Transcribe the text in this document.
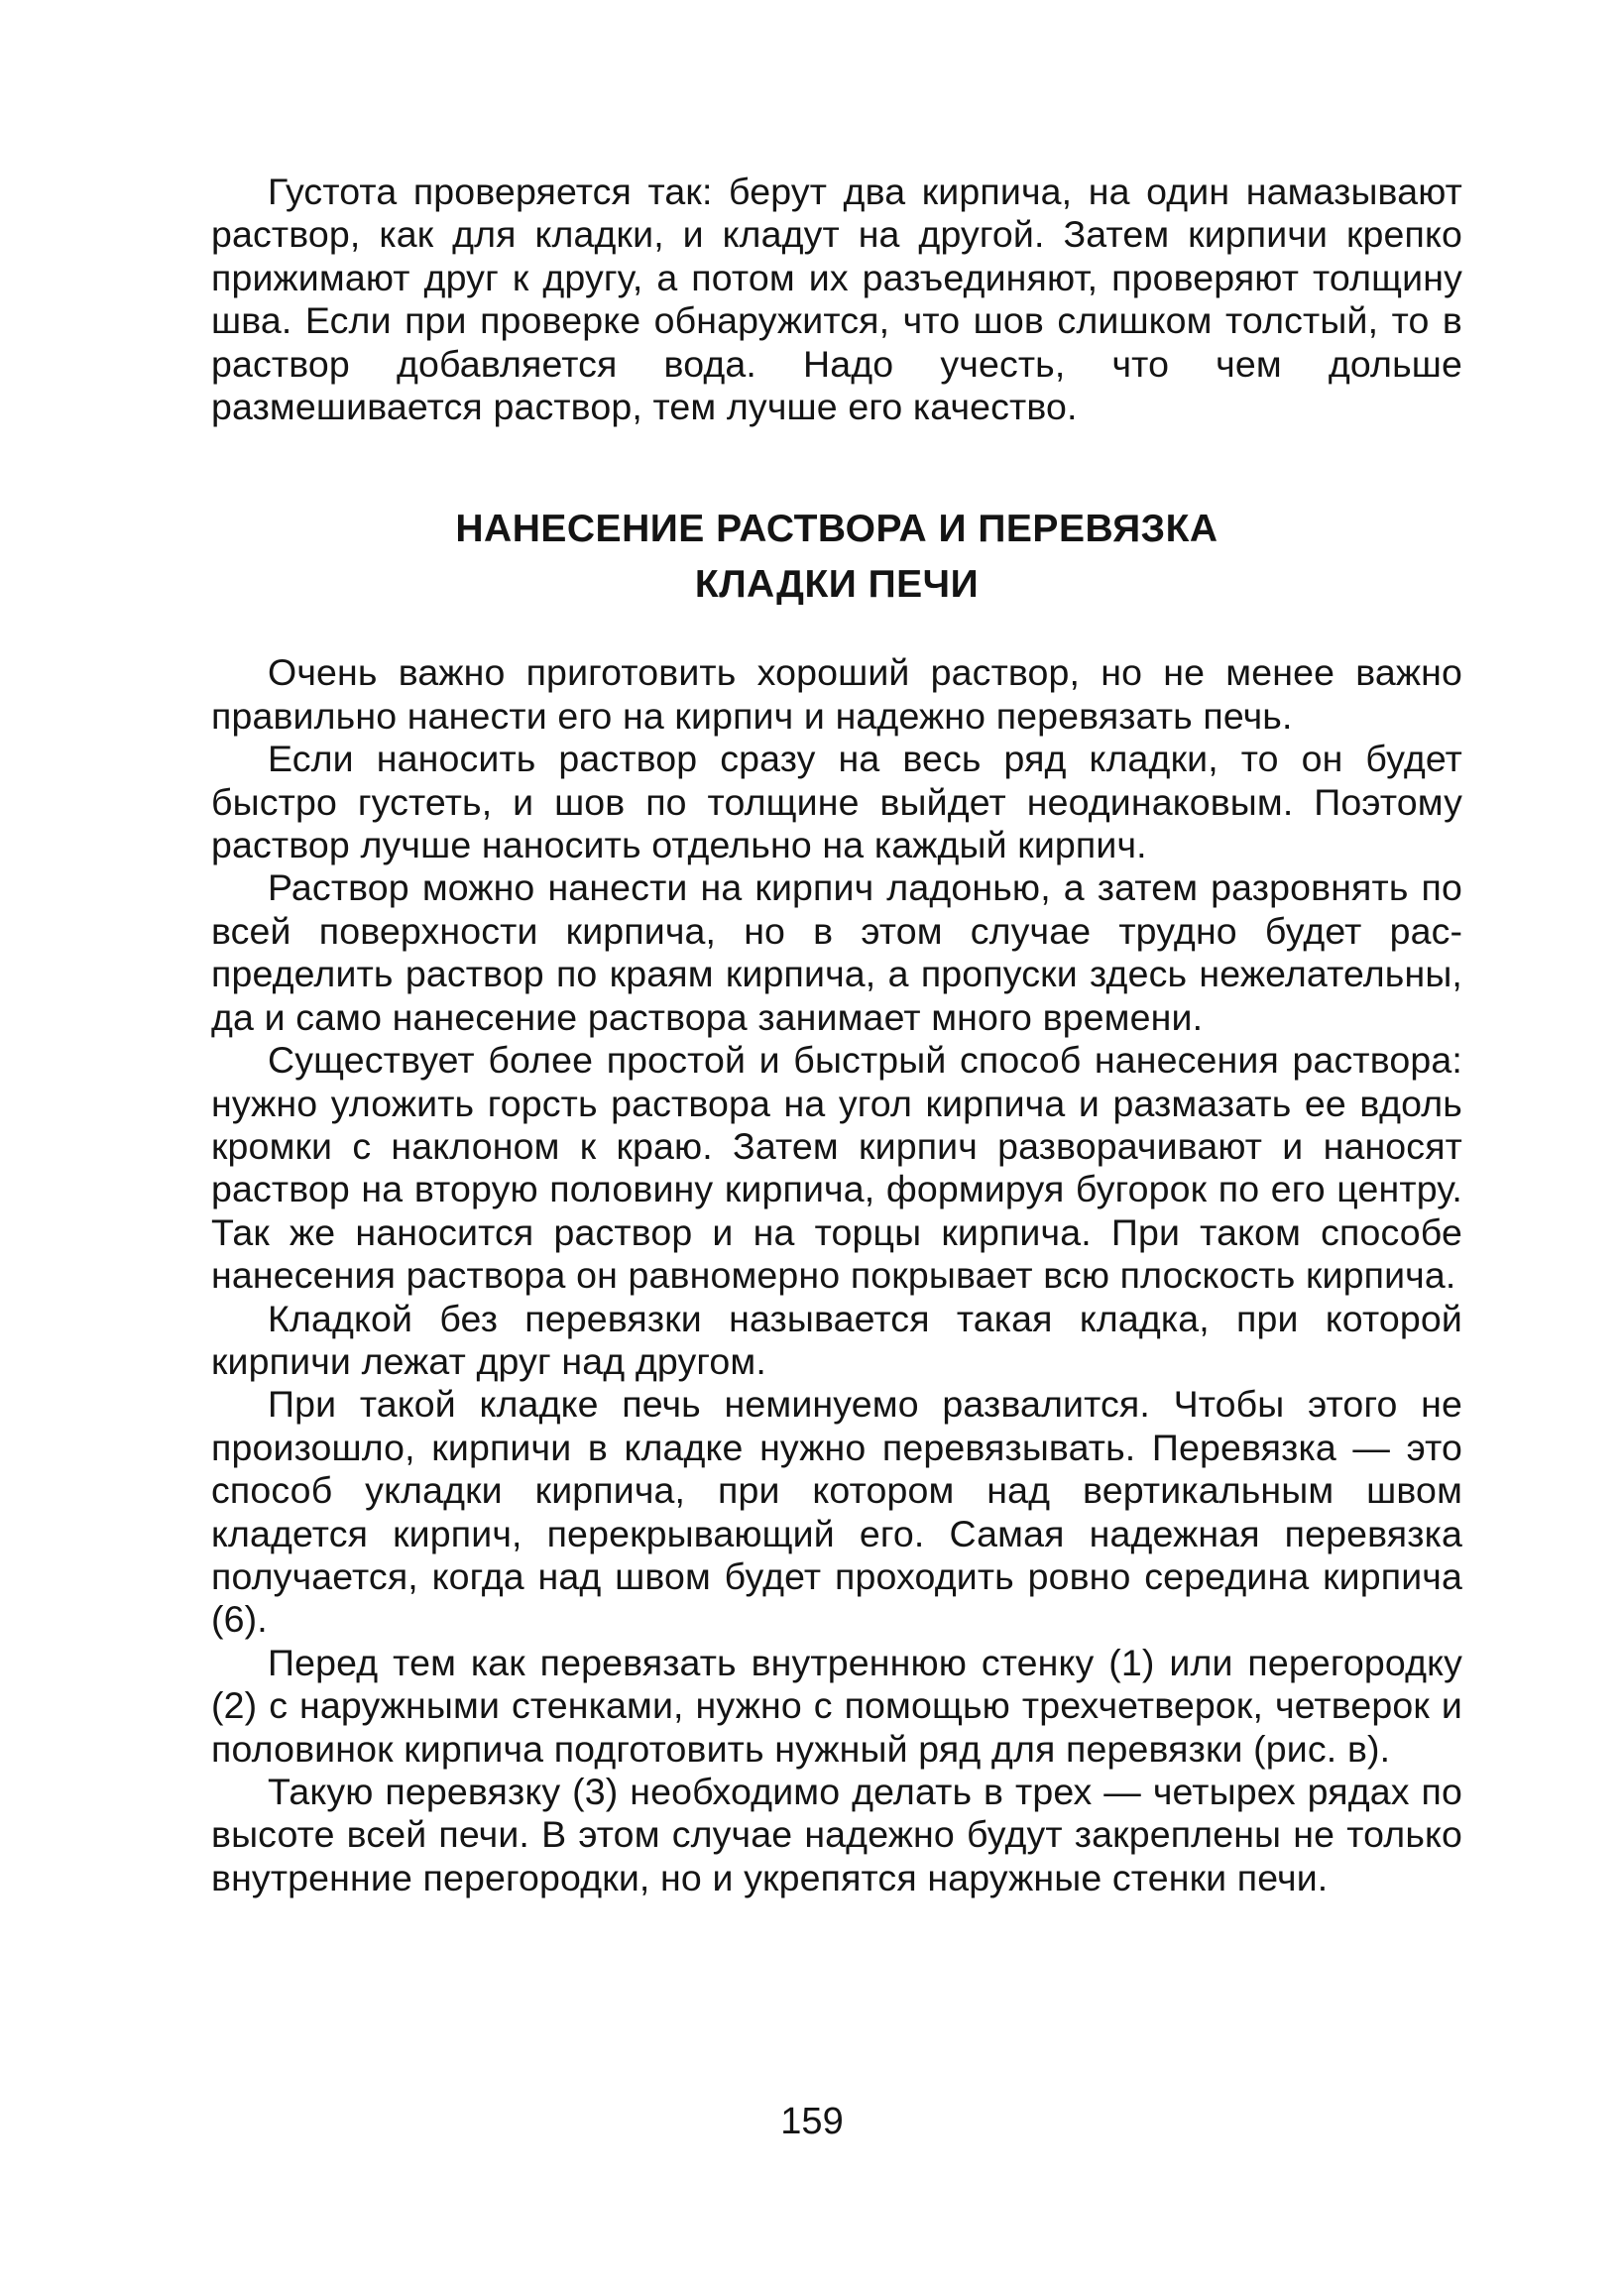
Густота проверяется так: берут два кирпича, на один намазывают раствор, как для кладки, и кладут на другой. Затем кирпичи крепко прижимают друг к другу, а потом их разъединяют, проверяют толщину шва. Если при проверке обнаружится, что шов слишком толстый, то в раствор добавляется вода. Надо учесть, что чем дольше размешивается раствор, тем лучше его качество.

НАНЕСЕНИЕ РАСТВОРА И ПЕРЕВЯЗКА

КЛАДКИ ПЕЧИ

Очень важно приготовить хороший раствор, но не менее важно правильно нанести его на кирпич и надежно перевязать печь.

Если наносить раствор сразу на весь ряд кладки, то он будет быстро густеть, и шов по толщине выйдет неодинаковым. Поэтому раствор лучше наносить отдельно на каждый кирпич.

Раствор можно нанести на кирпич ладонью, а затем разровнять по всей поверхности кирпича, но в этом случае трудно будет распределить раствор по краям кирпича, а пропуски здесь нежелательны, да и само нанесение раствора занимает много времени.

Существует более простой и быстрый способ нанесения раствора: нужно уложить горсть раствора на угол кирпича и размазать ее вдоль кромки с наклоном к краю. Затем кирпич разворачивают и наносят раствор на вторую половину кирпича, формируя бугорок по его центру. Так же наносится раствор и на торцы кирпича. При таком способе нанесения раствора он равномерно покрывает всю плоскость кирпича.

Кладкой без перевязки называется такая кладка, при которой кирпичи лежат друг над другом.

При такой кладке печь неминуемо развалится. Чтобы этого не произошло, кирпичи в кладке нужно перевязывать. Перевязка — это способ укладки кирпича, при котором над вертикальным швом кладется кирпич, перекрывающий его. Самая надежная перевязка получается, когда над швом будет проходить ровно середина кирпича (6).

Перед тем как перевязать внутреннюю стенку (1) или перегородку (2) с наружными стенками, нужно с помощью трехчетверок, четверок и половинок кирпича подготовить нужный ряд для перевязки (рис. в).

Такую перевязку (3) необходимо делать в трех — четырех рядах по высоте всей печи. В этом случае надежно будут закреплены не только внутренние перегородки, но и укрепятся наружные стенки печи.

159
